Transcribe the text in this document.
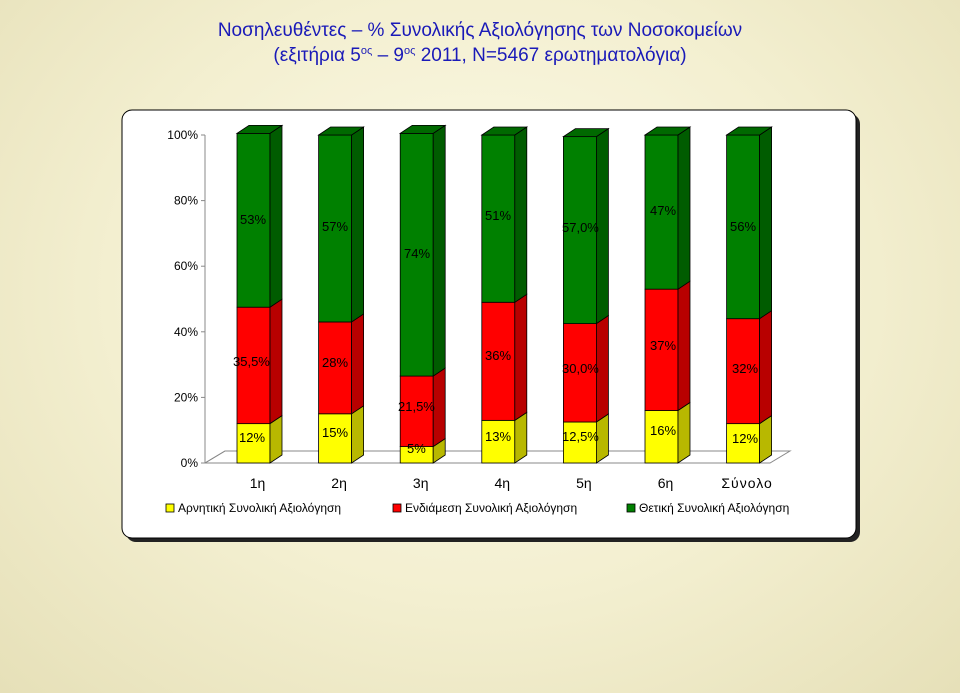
Νοσηλευθέντες – % Συνολικής Αξιολόγησης των Νοσοκομείων
(εξιτήρια $5^{o\varsigma} - 9^{o\varsigma}$ 2011, N=5467 ερωτηματολόγια)
0%
20%
40%
60%
80%
100%
12%	15%
5%
13%	12,5%	16%
12%
35,5%	28%
21,5%
36%
30,0%
37%
32%
53%	57%
74%
51%
57,0%
47%
56%
1η	2η	3η	4η	5η	6η	Σύνολο
Αρνητική Συνολική Αξιολόγηση	Ενδιάμεση Συνολική Αξιολόγηση	Θετική Συνολική Αξιολόγηση
